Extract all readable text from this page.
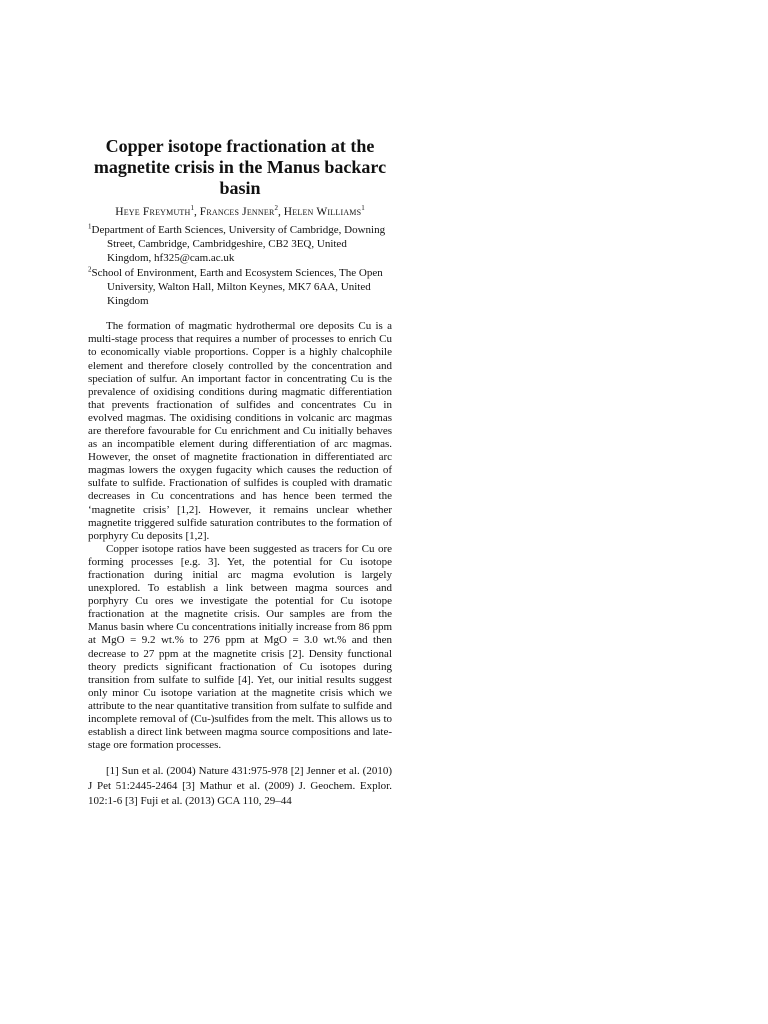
Copper isotope fractionation at the magnetite crisis in the Manus backarc basin
Heye Freymuth$^1$, Frances Jenner$^2$, Helen Williams$^1$
$^1$Department of Earth Sciences, University of Cambridge, Downing Street, Cambridge, Cambridgeshire, CB2 3EQ, United Kingdom, hf325@cam.ac.uk
$^2$School of Environment, Earth and Ecosystem Sciences, The Open University, Walton Hall, Milton Keynes, MK7 6AA, United Kingdom

The formation of magmatic hydrothermal ore deposits Cu is a multi-stage process that requires a number of processes to enrich Cu to economically viable proportions. Copper is a highly chalcophile element and therefore closely controlled by the concentration and speciation of sulfur. An important factor in concentrating Cu is the prevalence of oxidising conditions during magmatic differentiation that prevents fractionation of sulfides and concentrates Cu in evolved magmas. The oxidising conditions in volcanic arc magmas are therefore favourable for Cu enrichment and Cu initially behaves as an incompatible element during differentiation of arc magmas. However, the onset of magnetite fractionation in differentiated arc magmas lowers the oxygen fugacity which causes the reduction of sulfate to sulfide. Fractionation of sulfides is coupled with dramatic decreases in Cu concentrations and has hence been termed the ‘magnetite crisis’ [1,2]. However, it remains unclear whether magnetite triggered sulfide saturation contributes to the formation of porphyry Cu deposits [1,2].

Copper isotope ratios have been suggested as tracers for Cu ore forming processes [e.g. 3]. Yet, the potential for Cu isotope fractionation during initial arc magma evolution is largely unexplored. To establish a link between magma sources and porphyry Cu ores we investigate the potential for Cu isotope fractionation at the magnetite crisis. Our samples are from the Manus basin where Cu concentrations initially increase from 86 ppm at MgO = 9.2 wt.% to 276 ppm at MgO = 3.0 wt.% and then decrease to 27 ppm at the magnetite crisis [2]. Density functional theory predicts significant fractionation of Cu isotopes during transition from sulfate to sulfide [4]. Yet, our initial results suggest only minor Cu isotope variation at the magnetite crisis which we attribute to the near quantitative transition from sulfate to sulfide and incomplete removal of (Cu-)sulfides from the melt. This allows us to establish a direct link between magma source compositions and late-stage ore formation processes.

[1] Sun et al. (2004) Nature 431:975-978 [2] Jenner et al. (2010) J Pet 51:2445-2464 [3] Mathur et al. (2009) J. Geochem. Explor. 102:1-6 [3] Fuji et al. (2013) GCA 110, 29–44
